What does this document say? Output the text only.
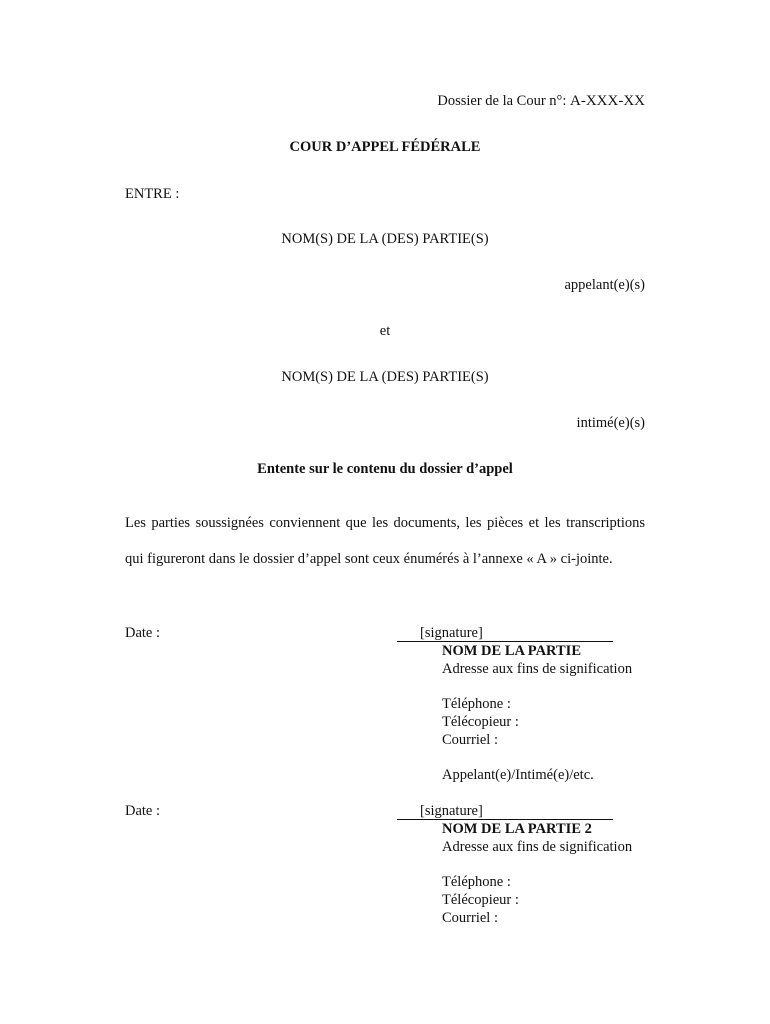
Dossier de la Cour n°: A-XXX-XX
COUR D’APPEL FÉDÉRALE
ENTRE :
NOM(S) DE LA (DES) PARTIE(S)
appelant(e)(s)
et
NOM(S) DE LA (DES) PARTIE(S)
intimé(e)(s)
Entente sur le contenu du dossier d’appel
Les parties soussignées conviennent que les documents, les pièces et les transcriptions qui figureront dans le dossier d’appel sont ceux énumérés à l’annexe « A » ci-jointe.
Date :	[signature]
NOM DE LA PARTIE
Adresse aux fins de signification
Téléphone :
Télécopieur :
Courriel :
Appelant(e)/Intimé(e)/etc.
Date :	[signature]
NOM DE LA PARTIE 2
Adresse aux fins de signification
Téléphone :
Télécopieur :
Courriel :
